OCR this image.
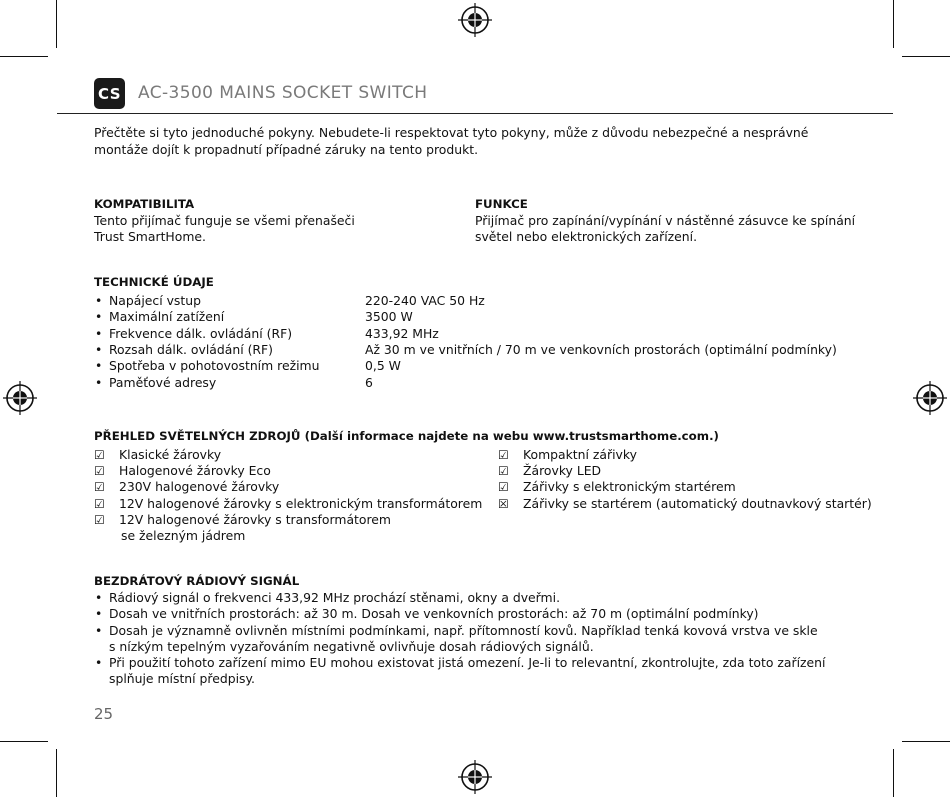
CS AC-3500 MAINS SOCKET SWITCH
Přečtěte si tyto jednoduché pokyny. Nebudete-li respektovat tyto pokyny, může z důvodu nebezpečné a nesprávné
montáže dojít k propadnutí případné záruky na tento produkt.
KOMPATIBILITA
Tento přijímač funguje se všemi přenašeči
Trust SmartHome.
FUNKCE
Přijímač pro zapínání/vypínání v nástěnné zásuvce ke spínání
světel nebo elektronických zařízení.
TECHNICKÉ ÚDAJE
• Napájecí vstup	220-240 VAC 50 Hz
• Maximální zatížení	3500 W
• Frekvence dálk. ovládání (RF)	433,92 MHz
• Rozsah dálk. ovládání (RF)	Až 30 m ve vnitřních / 70 m ve venkovních prostorách (optimální podmínky)
• Spotřeba v pohotovostním režimu	0,5 W
• Paměťové adresy	6
PŘEHLED SVĚTELNÝCH ZDROJŮ (Další informace najdete na webu www.trustsmarthome.com.)
☑ Klasické žárovky
☑ Halogenové žárovky Eco
☑ 230V halogenové žárovky
☑ 12V halogenové žárovky s elektronickým transformátorem
☑ 12V halogenové žárovky s transformátorem
se železným jádrem
☑ Kompaktní zářivky
☑ Žárovky LED
☑ Zářivky s elektronickým startérem
☒ Zářivky se startérem (automatický doutnavkový startér)
BEZDRÁTOVÝ RÁDIOVÝ SIGNÁL
• Rádiový signál o frekvenci 433,92 MHz prochází stěnami, okny a dveřmi.
• Dosah ve vnitřních prostorách: až 30 m. Dosah ve venkovních prostorách: až 70 m (optimální podmínky)
• Dosah je významně ovlivněn místními podmínkami, např. přítomností kovů. Například tenká kovová vrstva ve skle
s nízkým tepelným vyzařováním negativně ovlivňuje dosah rádiových signálů.
• Při použití tohoto zařízení mimo EU mohou existovat jistá omezení. Je-li to relevantní, zkontrolujte, zda toto zařízení
splňuje místní předpisy.
25
